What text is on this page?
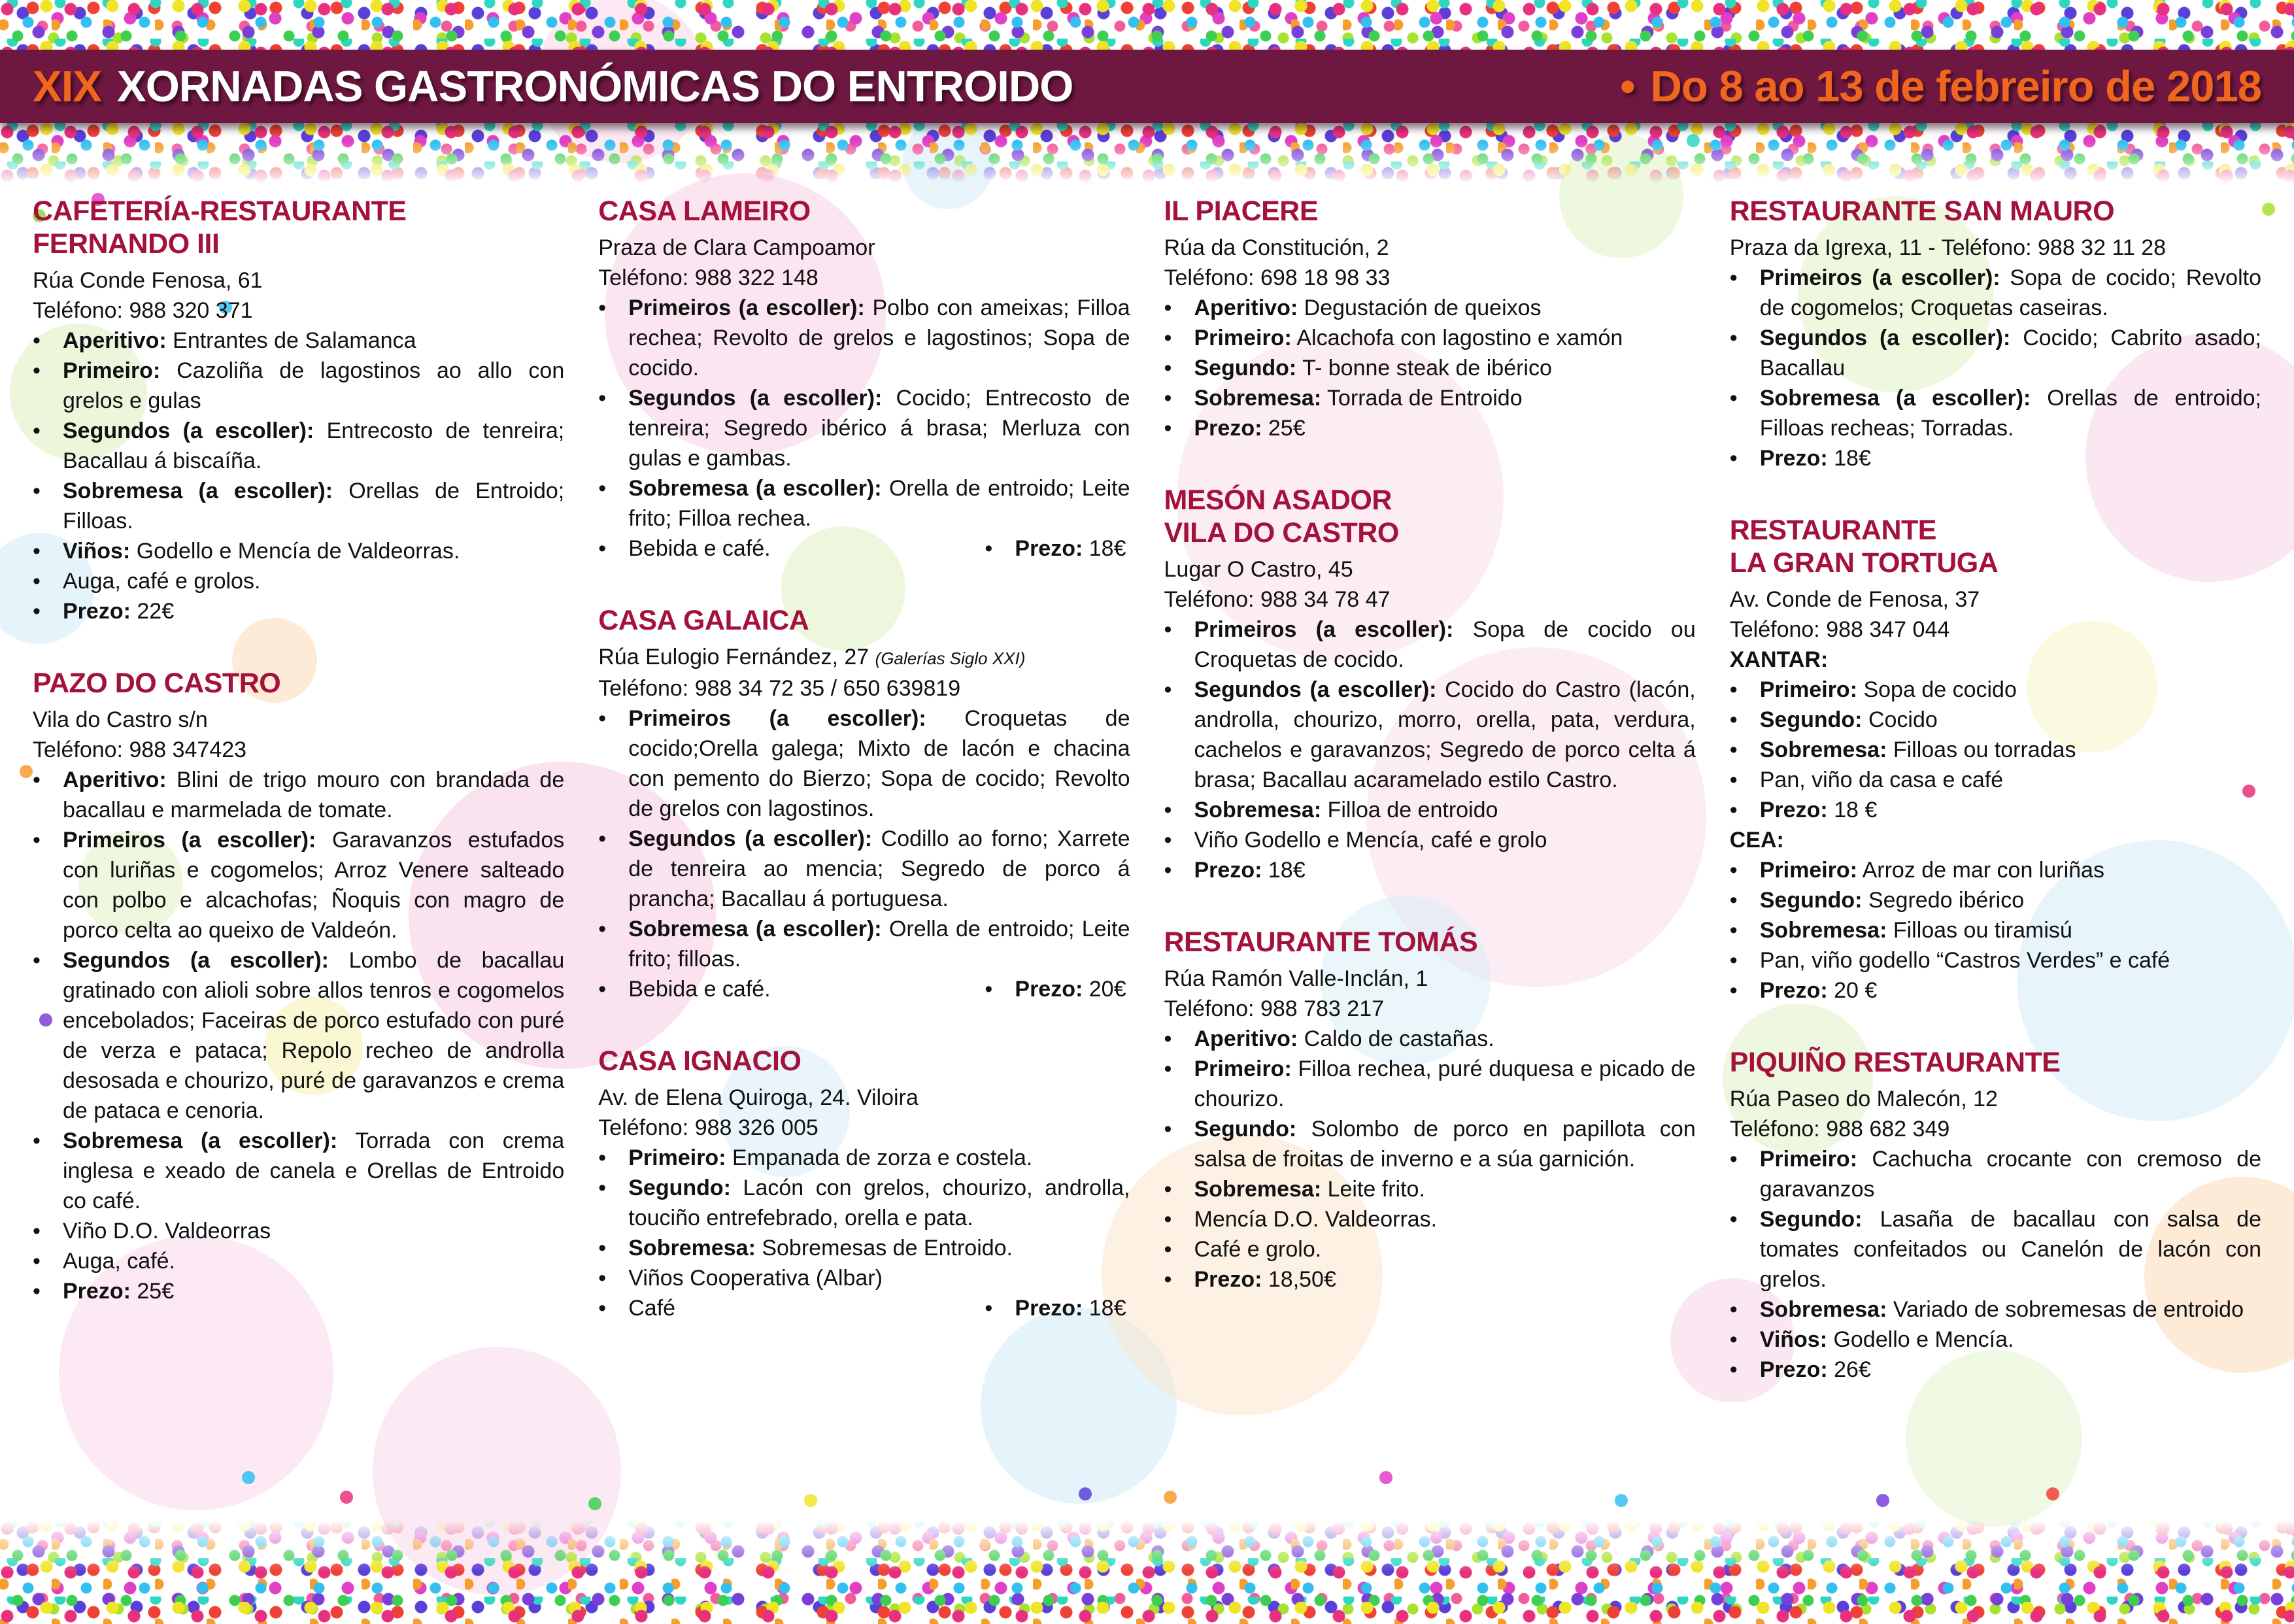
XIX XORNADAS GASTRONÓMICAS DO ENTROIDO	• Do 8 ao 13 de febreiro de 2018
CAFETERÍA-RESTAURANTE
FERNANDO III
Rúa Conde Fenosa, 61
Teléfono: 988 320 371
• Aperitivo: Entrantes de Salamanca
• Primeiro: Cazoliña de lagostinos ao allo con grelos e gulas
• Segundos (a escoller): Entrecosto de tenreira; Bacallau á biscaíña.
• Sobremesa (a escoller): Orellas de Entroido; Filloas.
• Viños: Godello e Mencía de Valdeorras.
• Auga, café e grolos.
• Prezo: 22€
PAZO DO CASTRO
Vila do Castro s/n
Teléfono: 988 347423
• Aperitivo: Blini de trigo mouro con brandada de bacallau e marmelada de tomate.
• Primeiros (a escoller): Garavanzos estufados con luriñas e cogomelos; Arroz Venere salteado con polbo e alcachofas; Ñoquis con magro de porco celta ao queixo de Valdeón.
• Segundos (a escoller): Lombo de bacallau gratinado con alioli sobre allos tenros e cogomelos encebolados; Faceiras de porco estufado con puré de verza e pataca; Repolo recheo de androlla desosada e chourizo, puré de garavanzos e crema de pataca e cenoria.
• Sobremesa (a escoller): Torrada con crema inglesa e xeado de canela e Orellas de Entroido co café.
• Viño D.O. Valdeorras
• Auga, café.
• Prezo: 25€
CASA LAMEIRO
Praza de Clara Campoamor
Teléfono: 988 322 148
• Primeiros (a escoller): Polbo con ameixas; Filloa rechea; Revolto de grelos e lagostinos; Sopa de cocido.
• Segundos (a escoller): Cocido; Entrecosto de tenreira; Segredo ibérico á brasa; Merluza con gulas e gambas.
• Sobremesa (a escoller): Orella de entroido; Leite frito; Filloa rechea.
• Bebida e café.	• Prezo: 18€
CASA GALAICA
Rúa Eulogio Fernández, 27 (Galerías Siglo XXI)
Teléfono: 988 34 72 35 / 650 639819
• Primeiros (a escoller): Croquetas de cocido;Orella galega; Mixto de lacón e chacina con pemento do Bierzo; Sopa de cocido; Revolto de grelos con lagostinos.
• Segundos (a escoller): Codillo ao forno; Xarrete de tenreira ao mencia; Segredo de porco á prancha; Bacallau á portuguesa.
• Sobremesa (a escoller): Orella de entroido; Leite frito; filloas.
• Bebida e café.	• Prezo: 20€
CASA IGNACIO
Av. de Elena Quiroga, 24. Viloira
Teléfono: 988 326 005
• Primeiro: Empanada de zorza e costela.
• Segundo: Lacón con grelos, chourizo, androlla, touciño entrefebrado, orella e pata.
• Sobremesa: Sobremesas de Entroido.
• Viños Cooperativa (Albar)
• Café	• Prezo: 18€
IL PIACERE
Rúa da Constitución, 2
Teléfono: 698 18 98 33
• Aperitivo: Degustación de queixos
• Primeiro: Alcachofa con lagostino e xamón
• Segundo: T- bonne steak de ibérico
• Sobremesa: Torrada de Entroido
• Prezo: 25€
MESÓN ASADOR
VILA DO CASTRO
Lugar O Castro, 45
Teléfono: 988 34 78 47
• Primeiros (a escoller): Sopa de cocido ou Croquetas de cocido.
• Segundos (a escoller): Cocido do Castro (lacón, androlla, chourizo, morro, orella, pata, verdura, cachelos e garavanzos; Segredo de porco celta á brasa; Bacallau acaramelado estilo Castro.
• Sobremesa: Filloa de entroido
• Viño Godello e Mencía, café e grolo
• Prezo: 18€
RESTAURANTE TOMÁS
Rúa Ramón Valle-Inclán, 1
Teléfono: 988 783 217
• Aperitivo: Caldo de castañas.
• Primeiro: Filloa rechea, puré duquesa e picado de chourizo.
• Segundo: Solombo de porco en papillota con salsa de froitas de inverno e a súa garnición.
• Sobremesa: Leite frito.
• Mencía D.O. Valdeorras.
• Café e grolo.
• Prezo: 18,50€
RESTAURANTE SAN MAURO
Praza da Igrexa, 11 - Teléfono: 988 32 11 28
• Primeiros (a escoller): Sopa de cocido; Revolto de cogomelos; Croquetas caseiras.
• Segundos (a escoller): Cocido; Cabrito asado; Bacallau
• Sobremesa (a escoller): Orellas de entroido; Filloas recheas; Torradas.
• Prezo: 18€
RESTAURANTE
LA GRAN TORTUGA
Av. Conde de Fenosa, 37
Teléfono: 988 347 044
XANTAR:
• Primeiro: Sopa de cocido
• Segundo: Cocido
• Sobremesa: Filloas ou torradas
• Pan, viño da casa e café
• Prezo: 18 €
CEA:
• Primeiro: Arroz de mar con luriñas
• Segundo: Segredo ibérico
• Sobremesa: Filloas ou tiramisú
• Pan, viño godello “Castros Verdes” e café
• Prezo: 20 €
PIQUIÑO RESTAURANTE
Rúa Paseo do Malecón, 12
Teléfono: 988 682 349
• Primeiro: Cachucha crocante con cremoso de garavanzos
• Segundo: Lasaña de bacallau con salsa de tomates confeitados ou Canelón de lacón con grelos.
• Sobremesa: Variado de sobremesas de entroido
• Viños: Godello e Mencía.
• Prezo: 26€
